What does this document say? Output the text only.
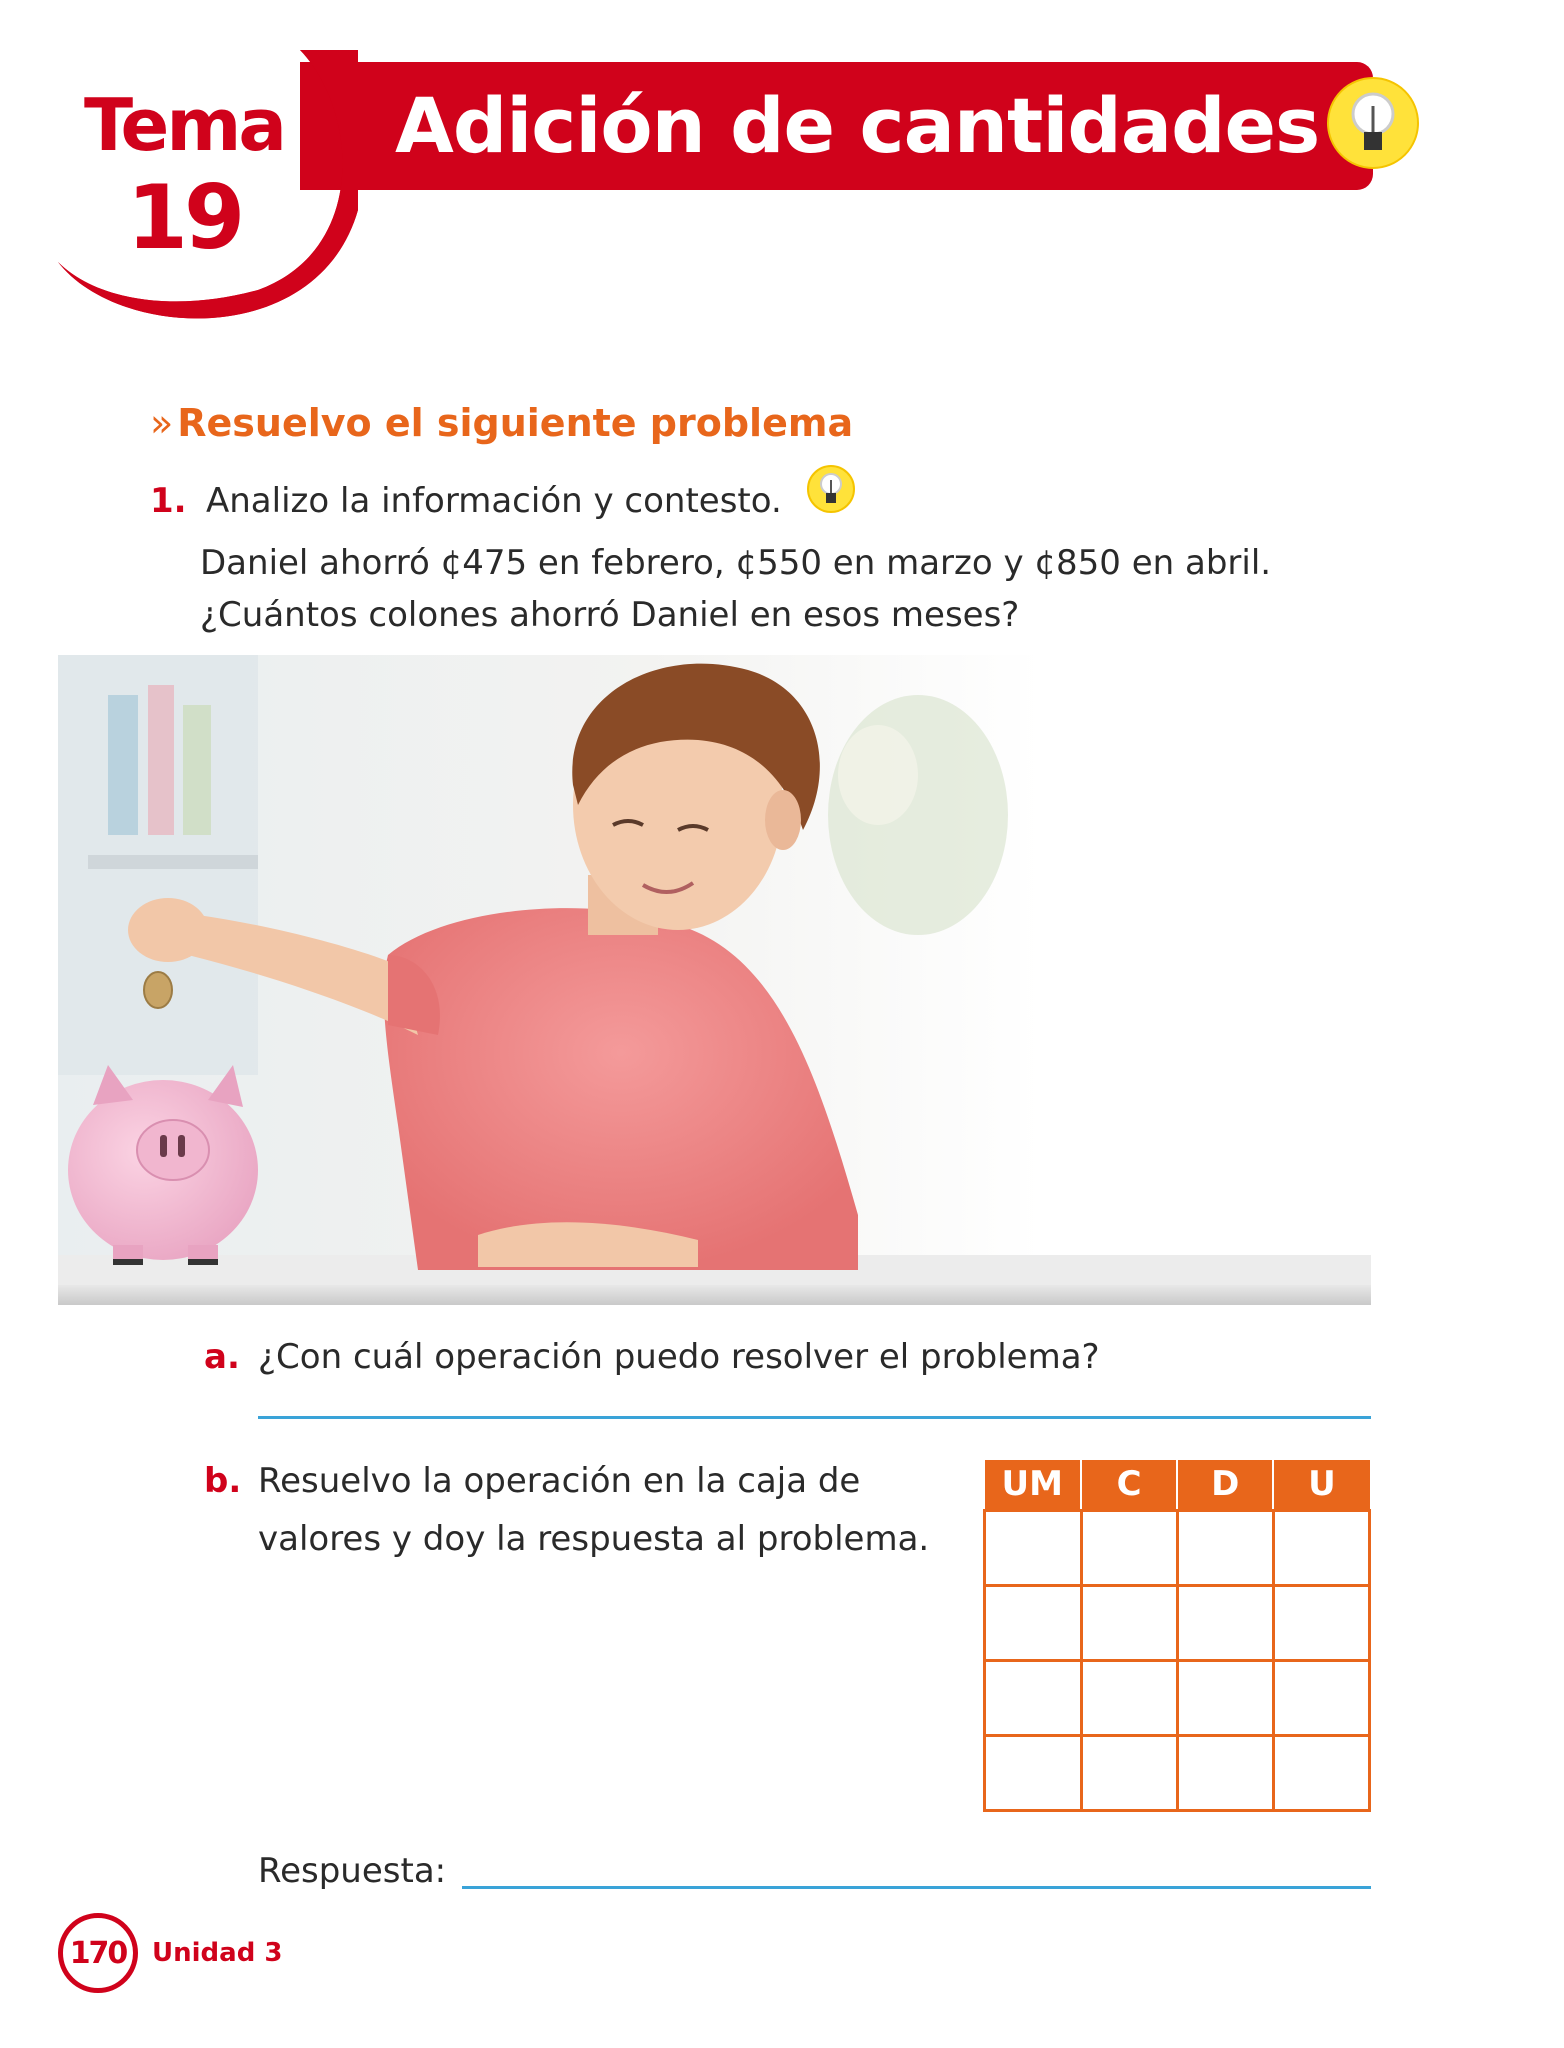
Tema
19
Adición de cantidades
» Resuelvo el siguiente problema
1. Analizo la información y contesto.
Daniel ahorró ¢475 en febrero, ¢550 en marzo y ¢850 en abril.
¿Cuántos colones ahorró Daniel en esos meses?
a. ¿Con cuál operación puedo resolver el problema?
b. Resuelvo la operación en la caja de
valores y doy la respuesta al problema.
UM	C	D	U

Respuesta:
170 Unidad 3
